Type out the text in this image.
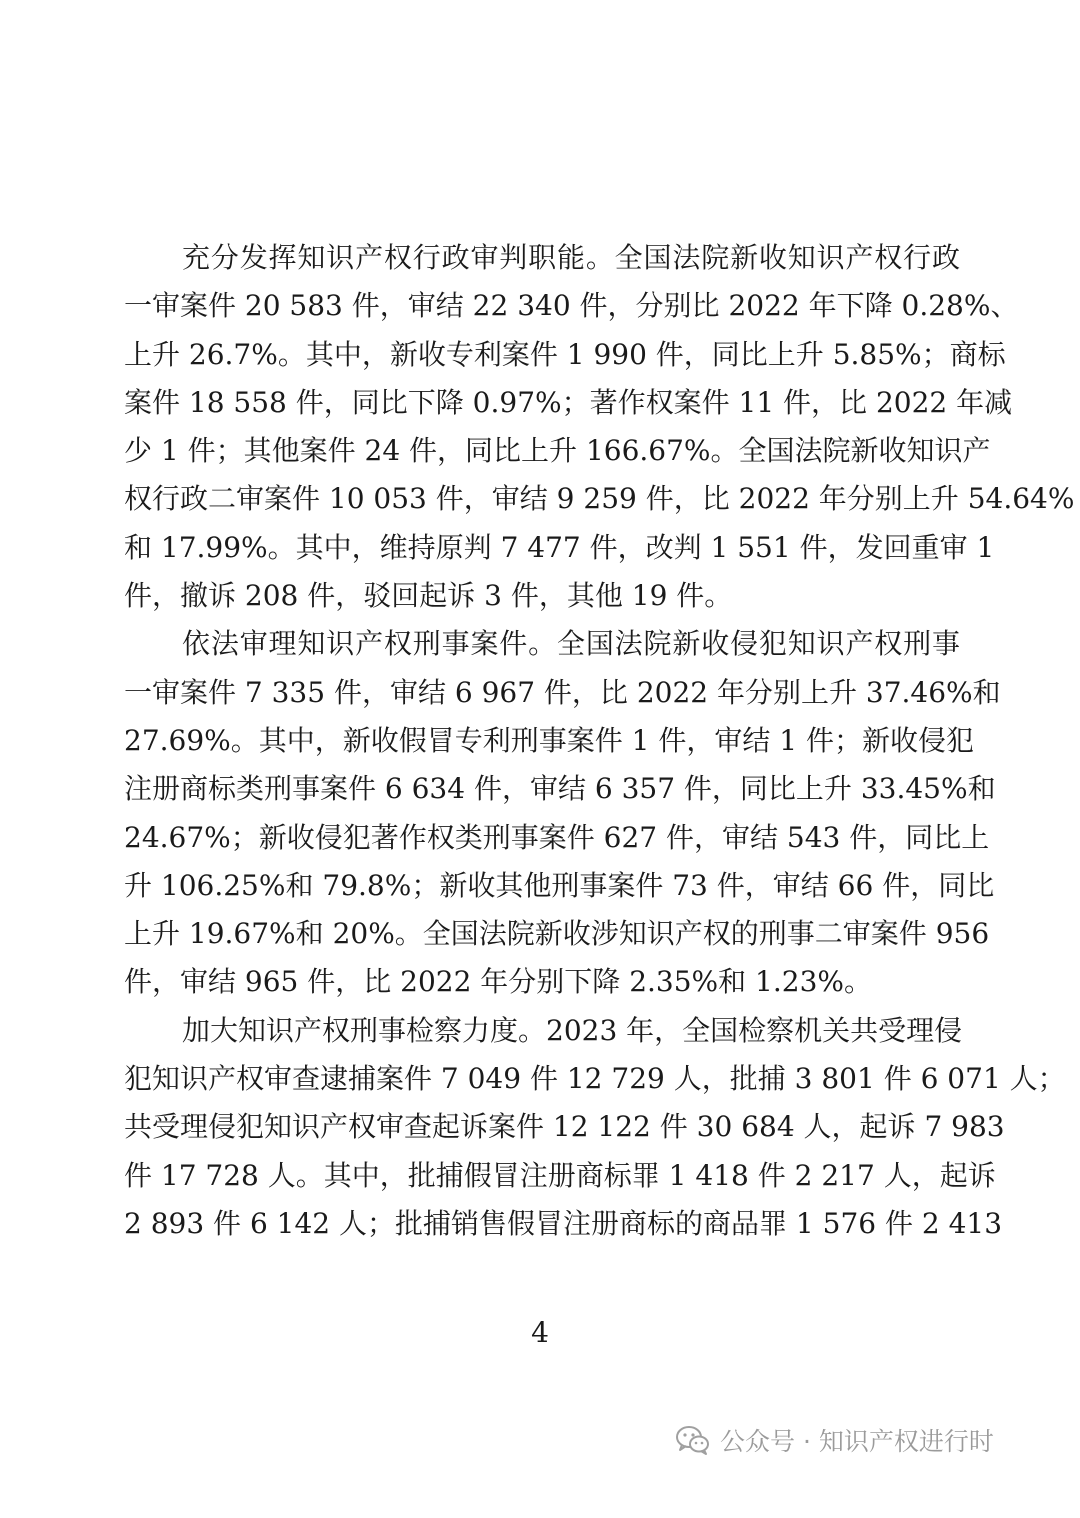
充分发挥知识产权行政审判职能。全国法院新收知识产权行政
一审案件 20 583 件，审结 22 340 件，分别比 2022 年下降 0.28%、
上升 26.7%。其中，新收专利案件 1 990 件，同比上升 5.85%；商标
案件 18 558 件，同比下降 0.97%；著作权案件 11 件，比 2022 年减
少 1 件；其他案件 24 件，同比上升 166.67%。全国法院新收知识产
权行政二审案件 10 053 件，审结 9 259 件，比 2022 年分别上升 54.64%
和 17.99%。其中，维持原判 7 477 件，改判 1 551 件，发回重审 1
件，撤诉 208 件，驳回起诉 3 件，其他 19 件。
依法审理知识产权刑事案件。全国法院新收侵犯知识产权刑事
一审案件 7 335 件，审结 6 967 件，比 2022 年分别上升 37.46%和
27.69%。其中，新收假冒专利刑事案件 1 件，审结 1 件；新收侵犯
注册商标类刑事案件 6 634 件，审结 6 357 件，同比上升 33.45%和
24.67%；新收侵犯著作权类刑事案件 627 件，审结 543 件，同比上
升 106.25%和 79.8%；新收其他刑事案件 73 件，审结 66 件，同比
上升 19.67%和 20%。全国法院新收涉知识产权的刑事二审案件 956
件，审结 965 件，比 2022 年分别下降 2.35%和 1.23%。
加大知识产权刑事检察力度。2023 年，全国检察机关共受理侵
犯知识产权审查逮捕案件 7 049 件 12 729 人，批捕 3 801 件 6 071 人；
共受理侵犯知识产权审查起诉案件 12 122 件 30 684 人，起诉 7 983
件 17 728 人。其中，批捕假冒注册商标罪 1 418 件 2 217 人，起诉
2 893 件 6 142 人；批捕销售假冒注册商标的商品罪 1 576 件 2 413
4
公众号 · 知识产权进行时
